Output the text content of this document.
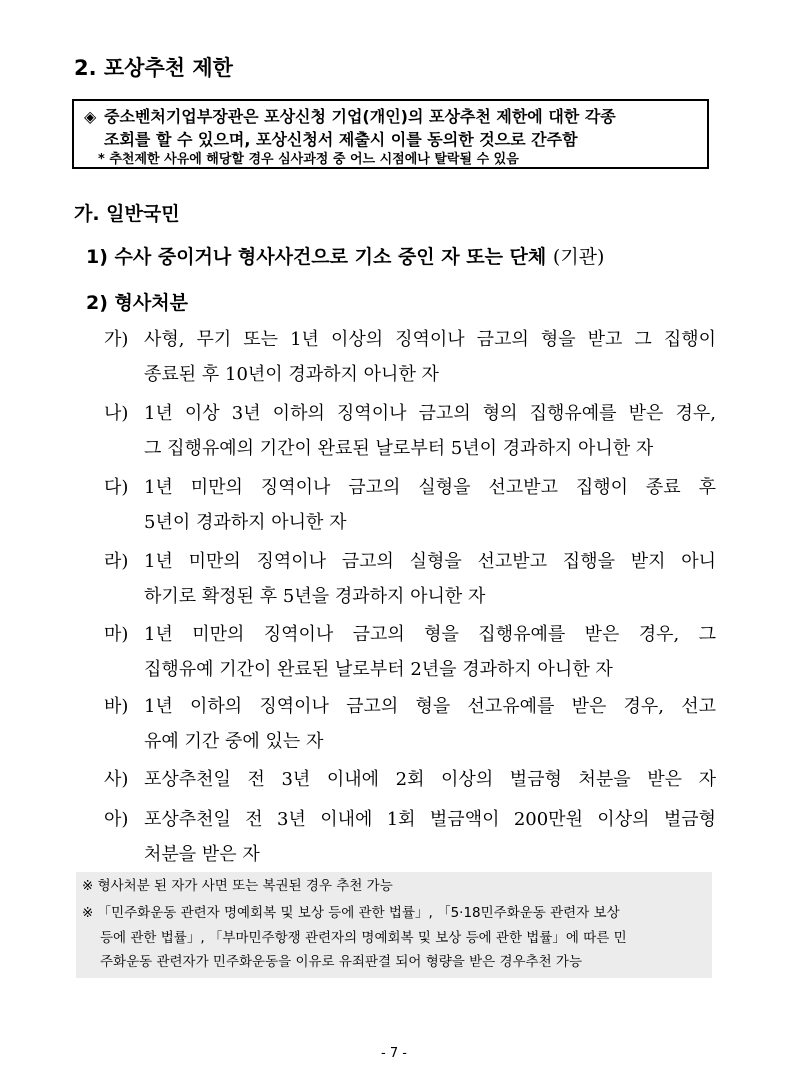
2. 포상추천 제한
◈ 중소벤처기업부장관은 포상신청 기업(개인)의 포상추천 제한에 대한 각종
조회를 할 수 있으며, 포상신청서 제출시 이를 동의한 것으로 간주함
* 추천제한 사유에 해당할 경우 심사과정 중 어느 시점에나 탈락될 수 있음
가. 일반국민
1) 수사 중이거나 형사사건으로 기소 중인 자 또는 단체 (기관)
2) 형사처분
가) 사형, 무기 또는 1년 이상의 징역이나 금고의 형을 받고 그 집행이
종료된 후 10년이 경과하지 아니한 자
나) 1년 이상 3년 이하의 징역이나 금고의 형의 집행유예를 받은 경우,
그 집행유예의 기간이 완료된 날로부터 5년이 경과하지 아니한 자
다) 1년 미만의 징역이나 금고의 실형을 선고받고 집행이 종료 후
5년이 경과하지 아니한 자
라) 1년 미만의 징역이나 금고의 실형을 선고받고 집행을 받지 아니
하기로 확정된 후 5년을 경과하지 아니한 자
마) 1년 미만의 징역이나 금고의 형을 집행유예를 받은 경우, 그
집행유예 기간이 완료된 날로부터 2년을 경과하지 아니한 자
바) 1년 이하의 징역이나 금고의 형을 선고유예를 받은 경우, 선고
유예 기간 중에 있는 자
사) 포상추천일 전 3년 이내에 2회 이상의 벌금형 처분을 받은 자
아) 포상추천일 전 3년 이내에 1회 벌금액이 200만원 이상의 벌금형
처분을 받은 자
※ 형사처분 된 자가 사면 또는 복권된 경우 추천 가능
※ 「민주화운동 관련자 명예회복 및 보상 등에 관한 법률」, 「5·18민주화운동 관련자 보상
등에 관한 법률」, 「부마민주항쟁 관련자의 명예회복 및 보상 등에 관한 법률」에 따른 민
주화운동 관련자가 민주화운동을 이유로 유죄판결 되어 형량을 받은 경우추천 가능
- 7 -
